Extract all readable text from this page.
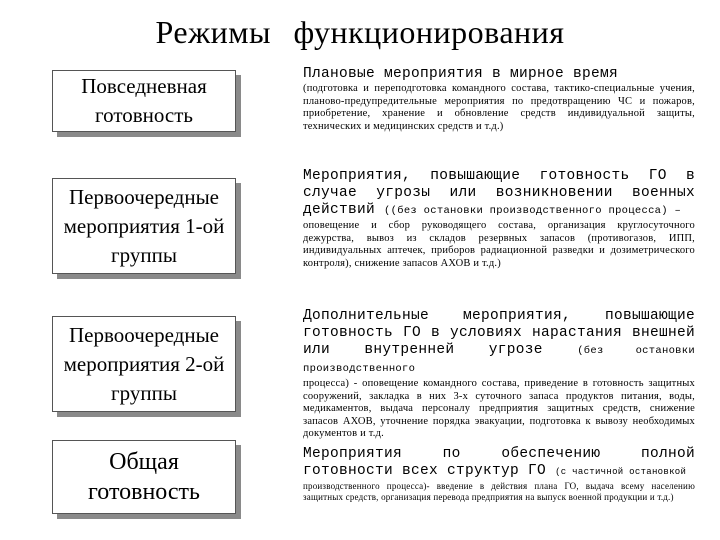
Режимы функционирования
Повседневная готовность
Плановые мероприятия в мирное время
(подготовка и переподготовка командного состава, тактико-специальные учения, планово-предупредительные мероприятия по предотвращению ЧС и пожаров, приобретение, хранение и обновление средств индивидуальной защиты, технических и медицинских средств и т.д.)
Первоочередные мероприятия 1-ой группы
Мероприятия, повышающие готовность ГО в случае угрозы или возникновении военных действий ((без остановки производственного процесса) –
оповещение и сбор руководящего состава, организация круглосуточного дежурства, вывоз из складов резервных запасов (противогазов, ИПП, индивидуальных аптечек, приборов радиационной разведки и дозиметрического контроля), снижение запасов АХОВ и т.д.)
Первоочередные мероприятия 2-ой группы
Дополнительные мероприятия, повышающие готовность ГО в условиях нарастания внешней или внутренней угрозе	(без остановки производственного
процесса) - оповещение командного состава, приведение в готовность защитных сооружений, закладка в них 3-х суточного запаса продуктов питания, воды, медикаментов, выдача персоналу предприятия защитных средств, снижение запасов АХОВ, уточнение порядка эвакуации, подготовка к вывозу необходимых документов и т.д.
Общая готовность
Мероприятия по обеспечению полной готовности всех структур ГО (с частичной остановкой
производственного процесса)- введение в действия плана ГО, выдача всему населению защитных средств, организация перевода предприятия на выпуск военной продукции и т.д.)
